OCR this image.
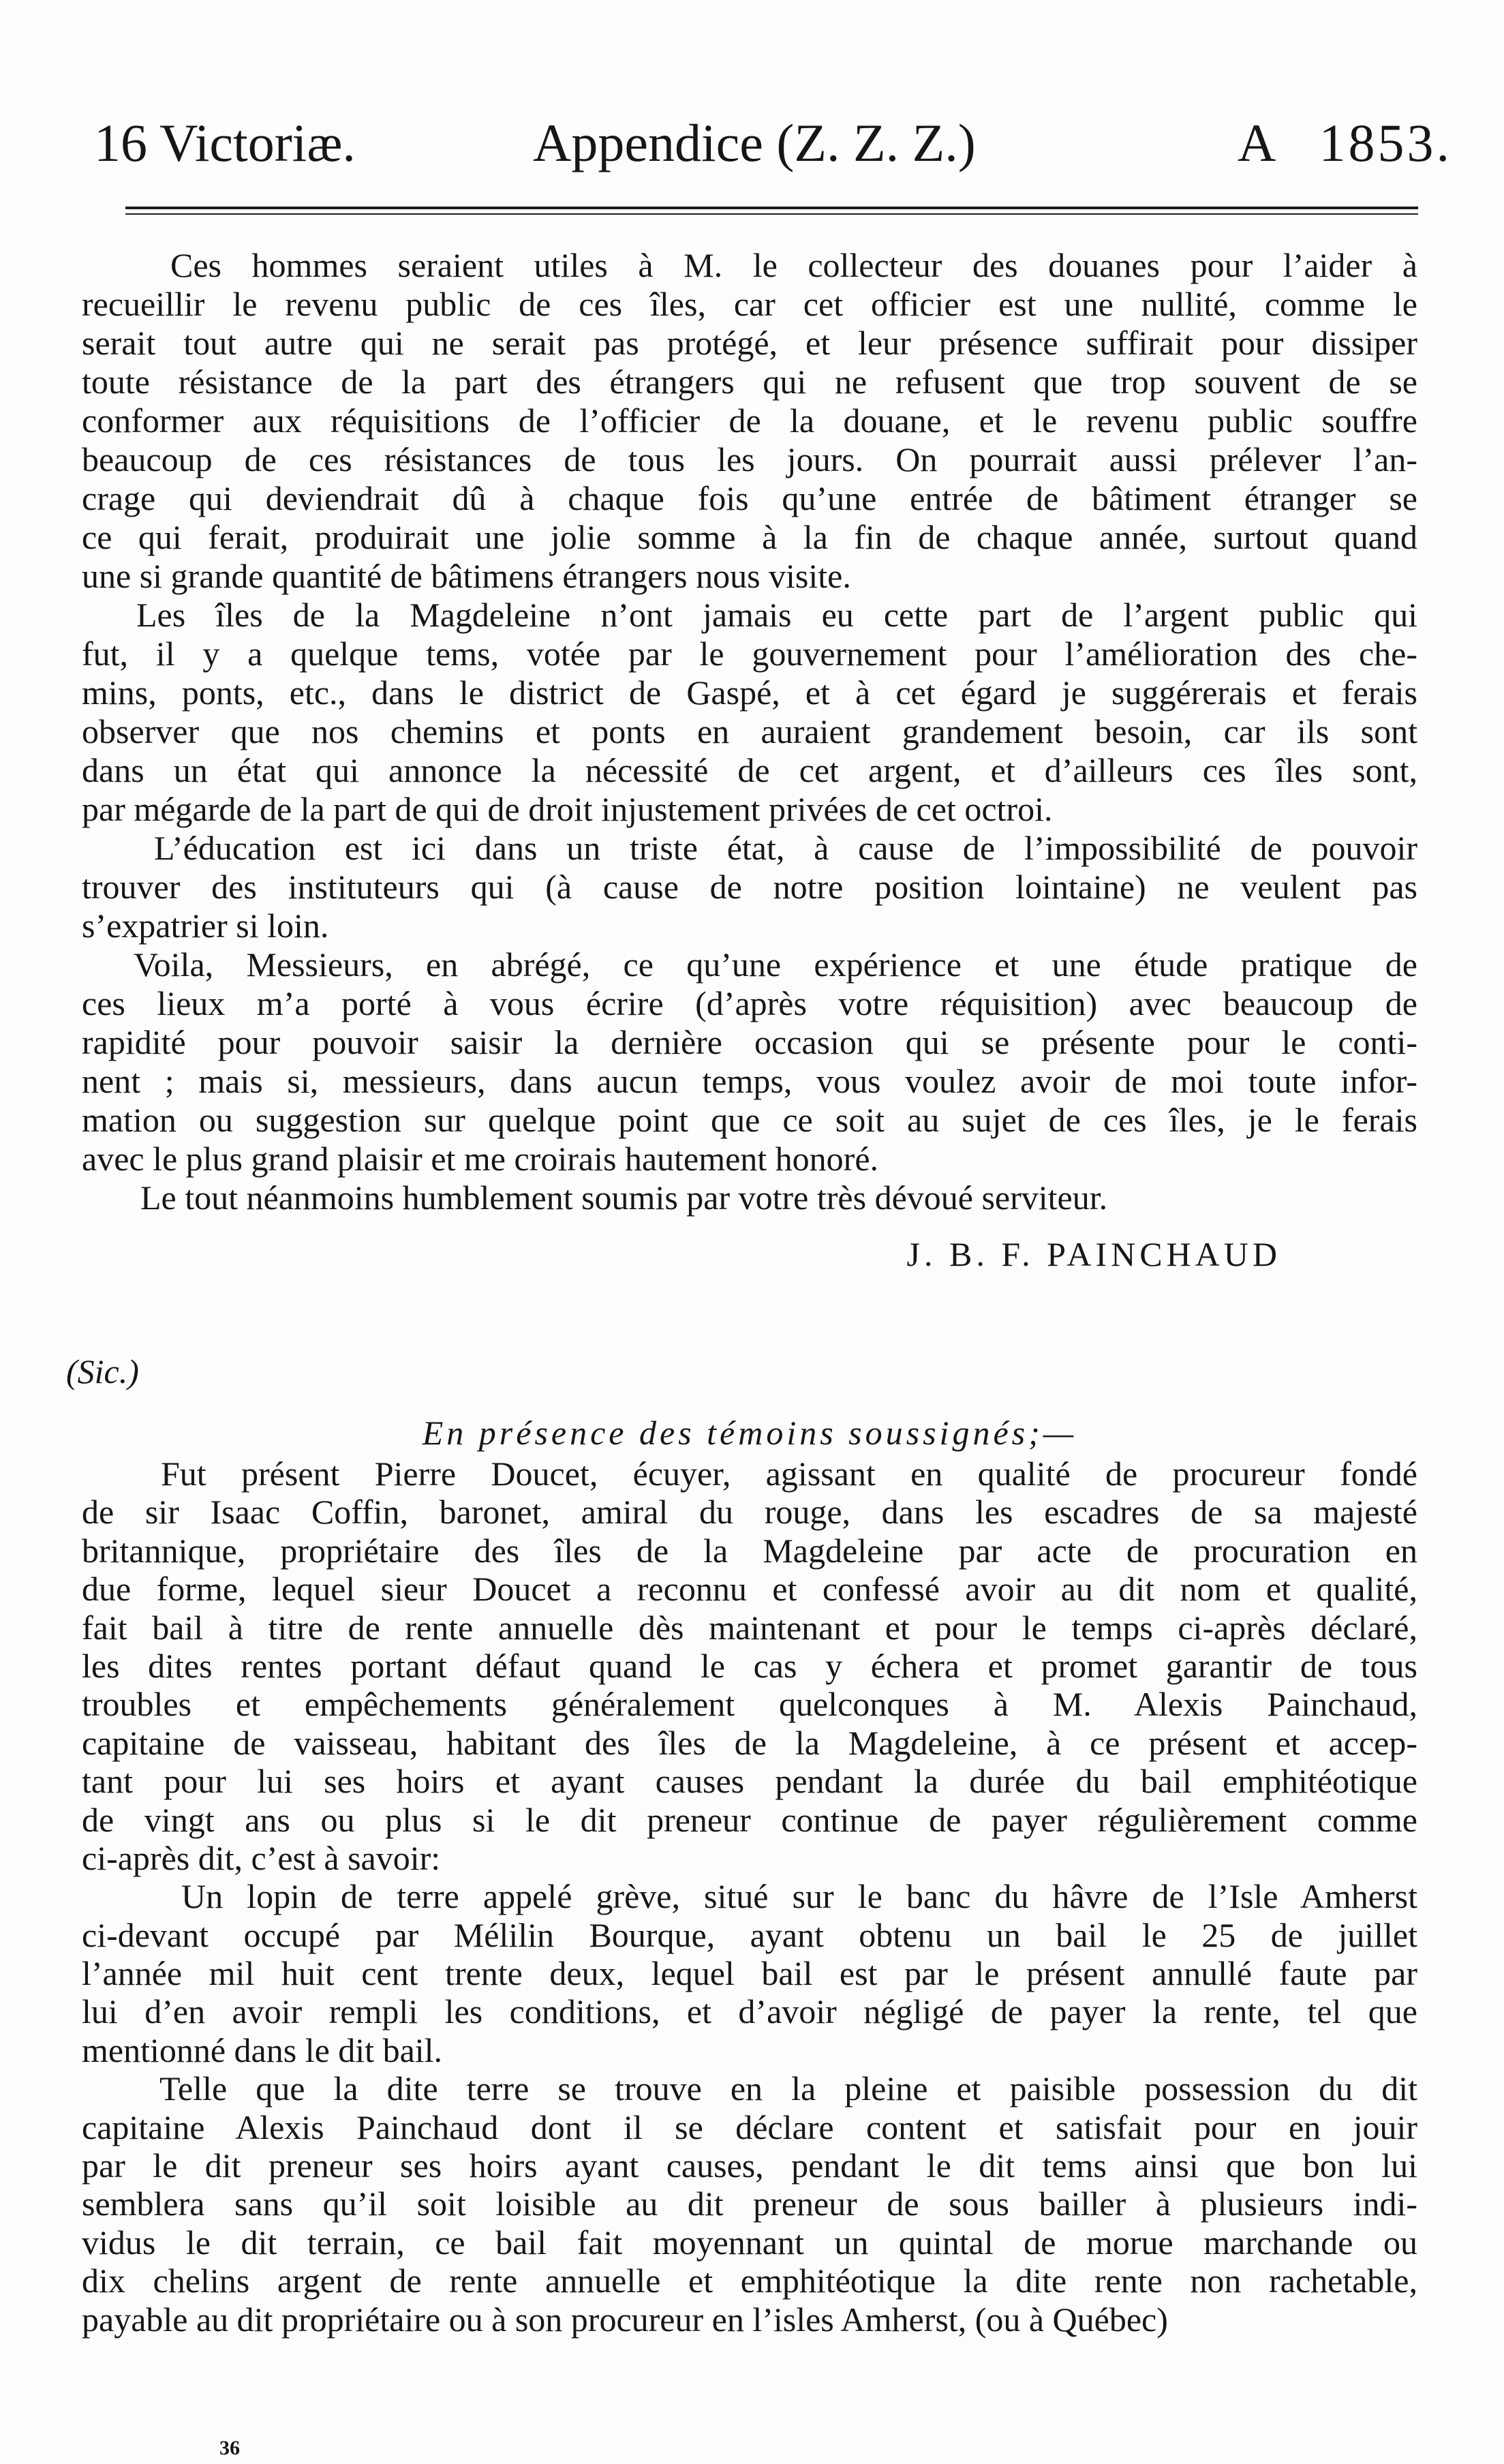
16 Victoriæ.	Appendice (Z. Z. Z.)	A 1853.
Ces hommes seraient utiles à M. le collecteur des douanes pour l’aider à
recueillir le revenu public de ces îles, car cet officier est une nullité, comme le
serait tout autre qui ne serait pas protégé, et leur présence suffirait pour dissiper
toute résistance de la part des étrangers qui ne refusent que trop souvent de se
conformer aux réquisitions de l’officier de la douane, et le revenu public souffre
beaucoup de ces résistances de tous les jours. On pourrait aussi prélever l’an-
crage qui deviendrait dû à chaque fois qu’une entrée de bâtiment étranger se
ce qui ferait, produirait une jolie somme à la fin de chaque année, surtout quand
une si grande quantité de bâtimens étrangers nous visite.
Les îles de la Magdeleine n’ont jamais eu cette part de l’argent public qui
fut, il y a quelque tems, votée par le gouvernement pour l’amélioration des che-
mins, ponts, etc., dans le district de Gaspé, et à cet égard je suggérerais et ferais
observer que nos chemins et ponts en auraient grandement besoin, car ils sont
dans un état qui annonce la nécessité de cet argent, et d’ailleurs ces îles sont,
par mégarde de la part de qui de droit injustement privées de cet octroi.
L’éducation est ici dans un triste état, à cause de l’impossibilité de pouvoir
trouver des instituteurs qui (à cause de notre position lointaine) ne veulent pas
s’expatrier si loin.
Voila, Messieurs, en abrégé, ce qu’une expérience et une étude pratique de
ces lieux m’a porté à vous écrire (d’après votre réquisition) avec beaucoup de
rapidité pour pouvoir saisir la dernière occasion qui se présente pour le conti-
nent ; mais si, messieurs, dans aucun temps, vous voulez avoir de moi toute infor-
mation ou suggestion sur quelque point que ce soit au sujet de ces îles, je le ferais
avec le plus grand plaisir et me croirais hautement honoré.
Le tout néanmoins humblement soumis par votre très dévoué serviteur.
J. B. F. PAINCHAUD
(Sic.)
En présence des témoins soussignés;—
Fut présent Pierre Doucet, écuyer, agissant en qualité de procureur fondé
de sir Isaac Coffin, baronet, amiral du rouge, dans les escadres de sa majesté
britannique, propriétaire des îles de la Magdeleine par acte de procuration en
due forme, lequel sieur Doucet a reconnu et confessé avoir au dit nom et qualité,
fait bail à titre de rente annuelle dès maintenant et pour le temps ci-après déclaré,
les dites rentes portant défaut quand le cas y échera et promet garantir de tous
troubles et empêchements généralement quelconques à M. Alexis Painchaud,
capitaine de vaisseau, habitant des îles de la Magdeleine, à ce présent et accep-
tant pour lui ses hoirs et ayant causes pendant la durée du bail emphitéotique
de vingt ans ou plus si le dit preneur continue de payer régulièrement comme
ci-après dit, c’est à savoir:
Un lopin de terre appelé grève, situé sur le banc du hâvre de l’Isle Amherst
ci-devant occupé par Mélilin Bourque, ayant obtenu un bail le 25 de juillet
l’année mil huit cent trente deux, lequel bail est par le présent annullé faute par
lui d’en avoir rempli les conditions, et d’avoir négligé de payer la rente, tel que
mentionné dans le dit bail.
Telle que la dite terre se trouve en la pleine et paisible possession du dit
capitaine Alexis Painchaud dont il se déclare content et satisfait pour en jouir
par le dit preneur ses hoirs ayant causes, pendant le dit tems ainsi que bon lui
semblera sans qu’il soit loisible au dit preneur de sous bailler à plusieurs indi-
vidus le dit terrain, ce bail fait moyennant un quintal de morue marchande ou
dix chelins argent de rente annuelle et emphitéotique la dite rente non rachetable,
payable au dit propriétaire ou à son procureur en l’isles Amherst, (ou à Québec)
36
